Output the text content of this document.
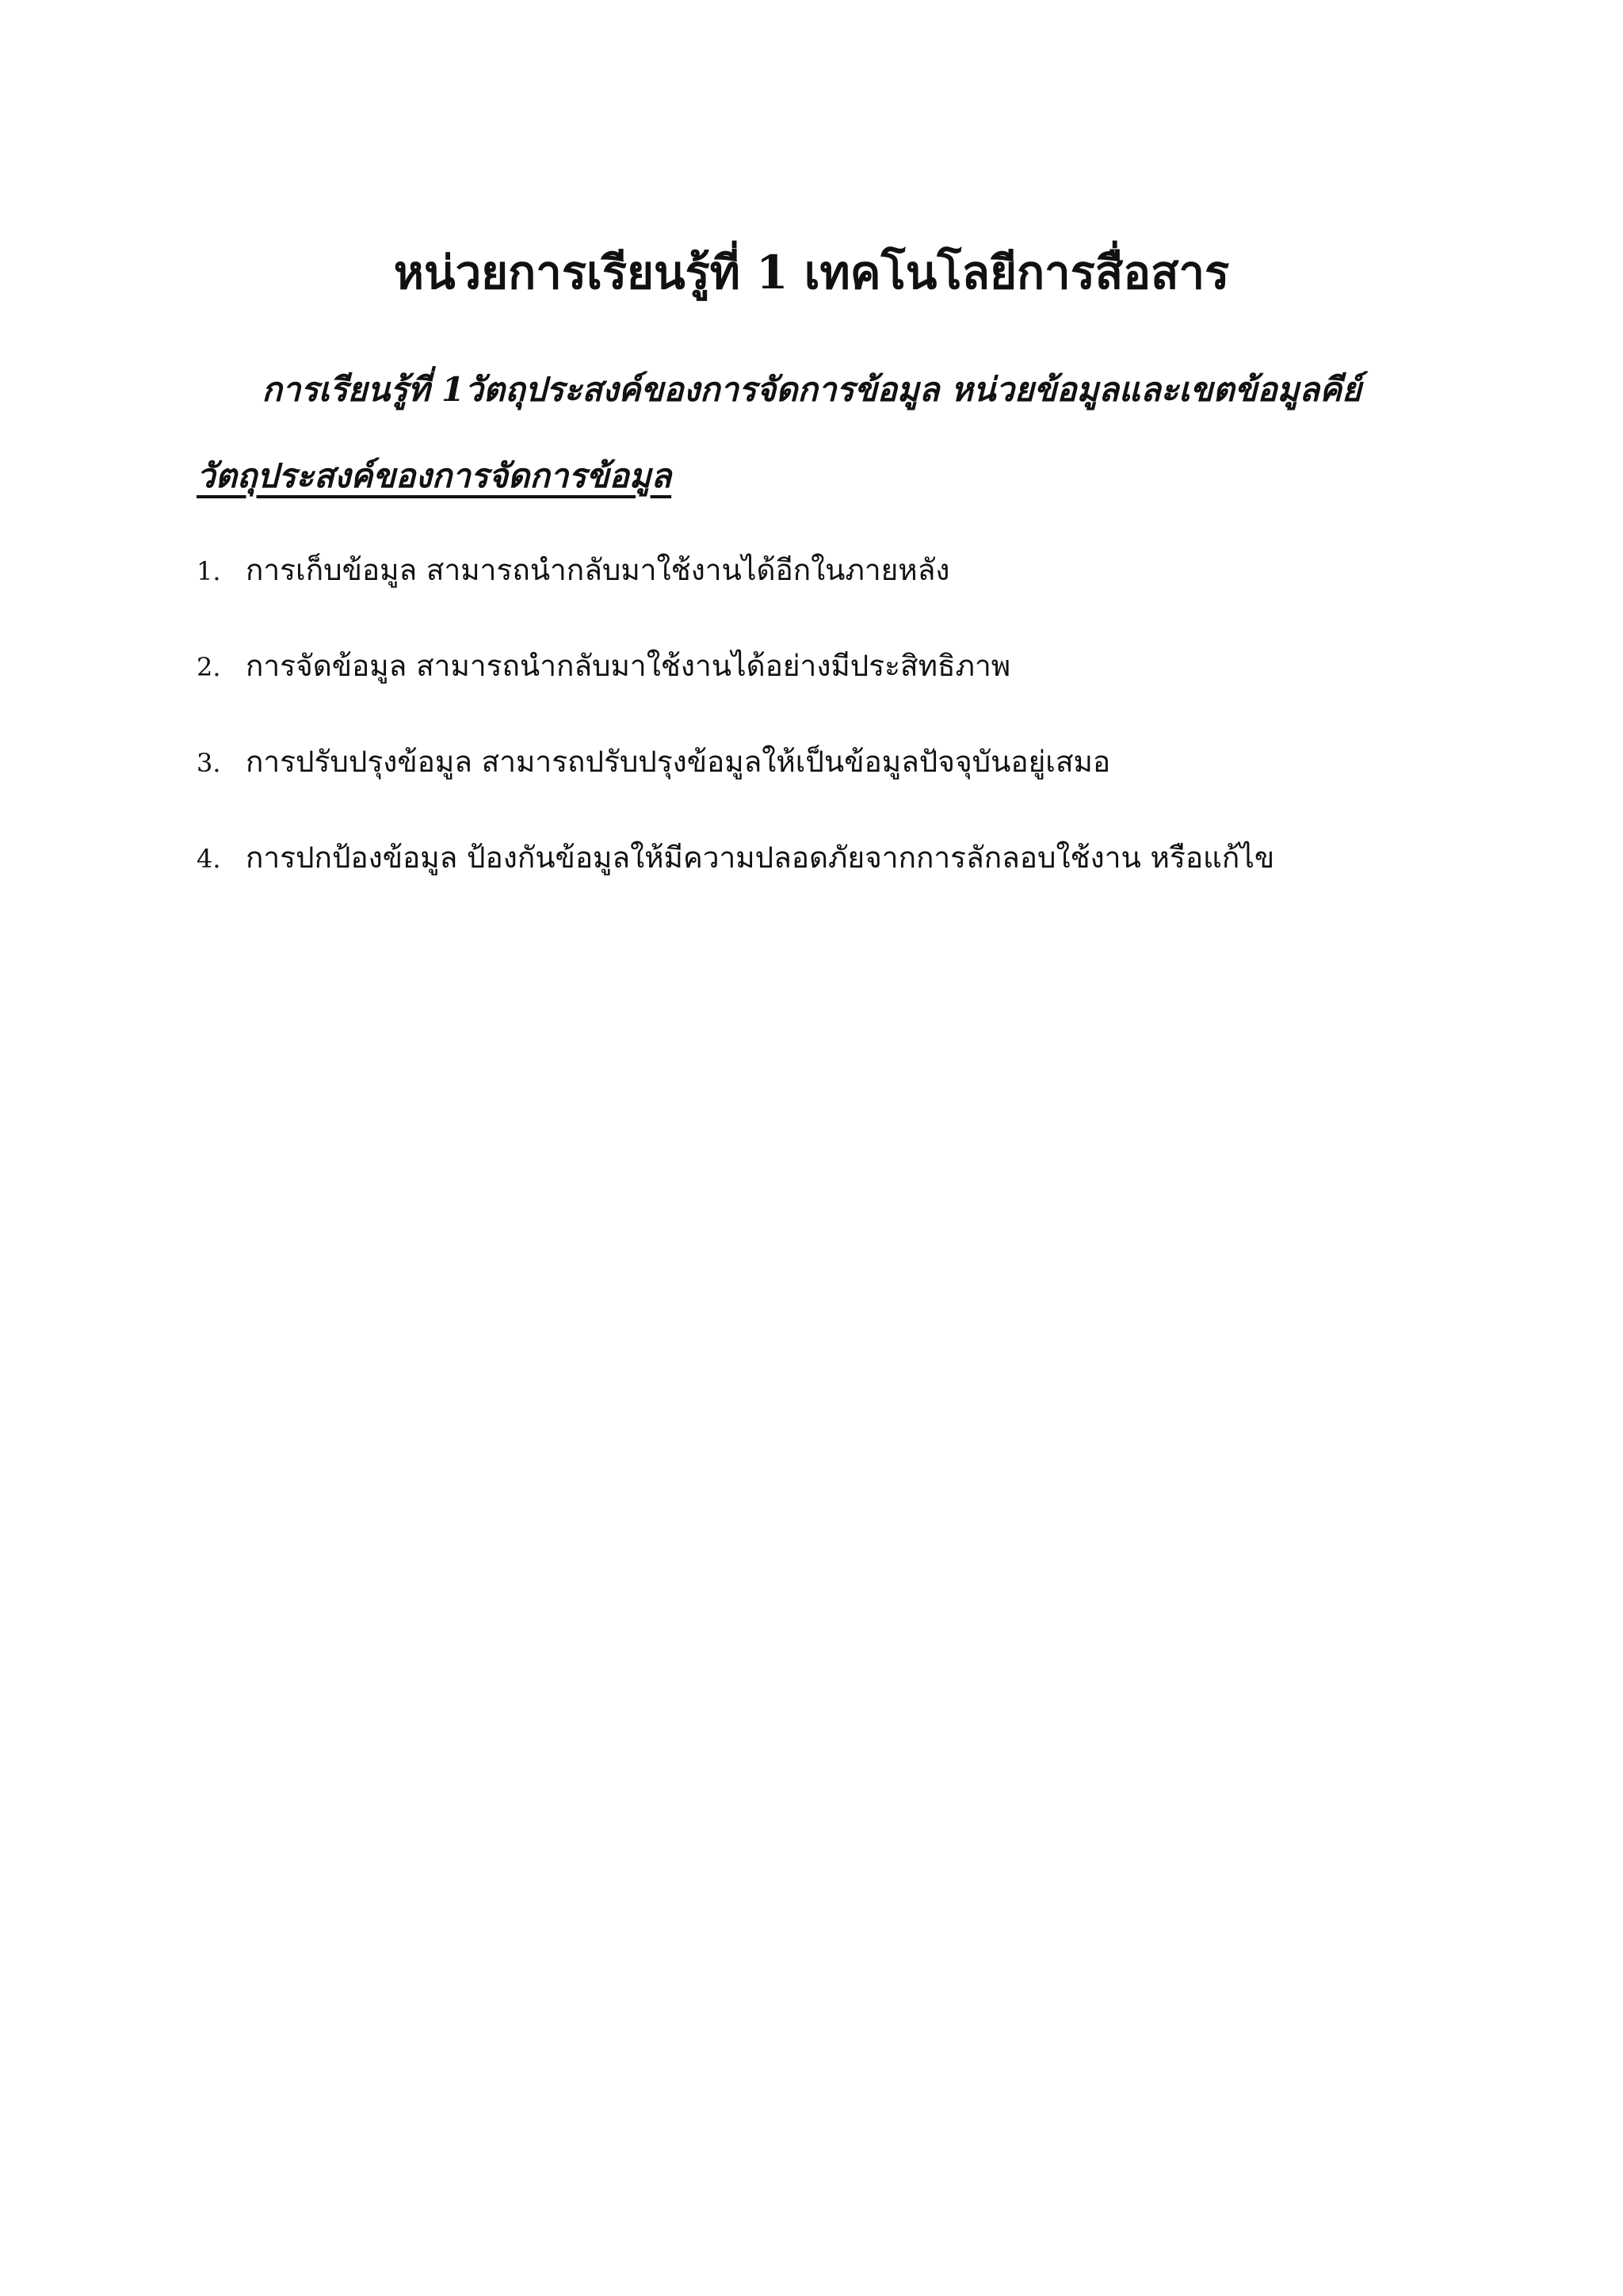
หน่วยการเรียนรู้ที่ 1 เทคโนโลยีการสื่อสาร
การเรียนรู้ที่ 1วัตถุประสงค์ของการจัดการข้อมูล หน่วยข้อมูลและเขตข้อมูลคีย์
วัตถุประสงค์ของการจัดการข้อมูล
1. การเก็บข้อมูล สามารถนำกลับมาใช้งานได้อีกในภายหลัง
2. การจัดข้อมูล สามารถนำกลับมาใช้งานได้อย่างมีประสิทธิภาพ
3. การปรับปรุงข้อมูล สามารถปรับปรุงข้อมูลให้เป็นข้อมูลปัจจุบันอยู่เสมอ
4. การปกป้องข้อมูล ป้องกันข้อมูลให้มีความปลอดภัยจากการลักลอบใช้งาน หรือแก้ไข
